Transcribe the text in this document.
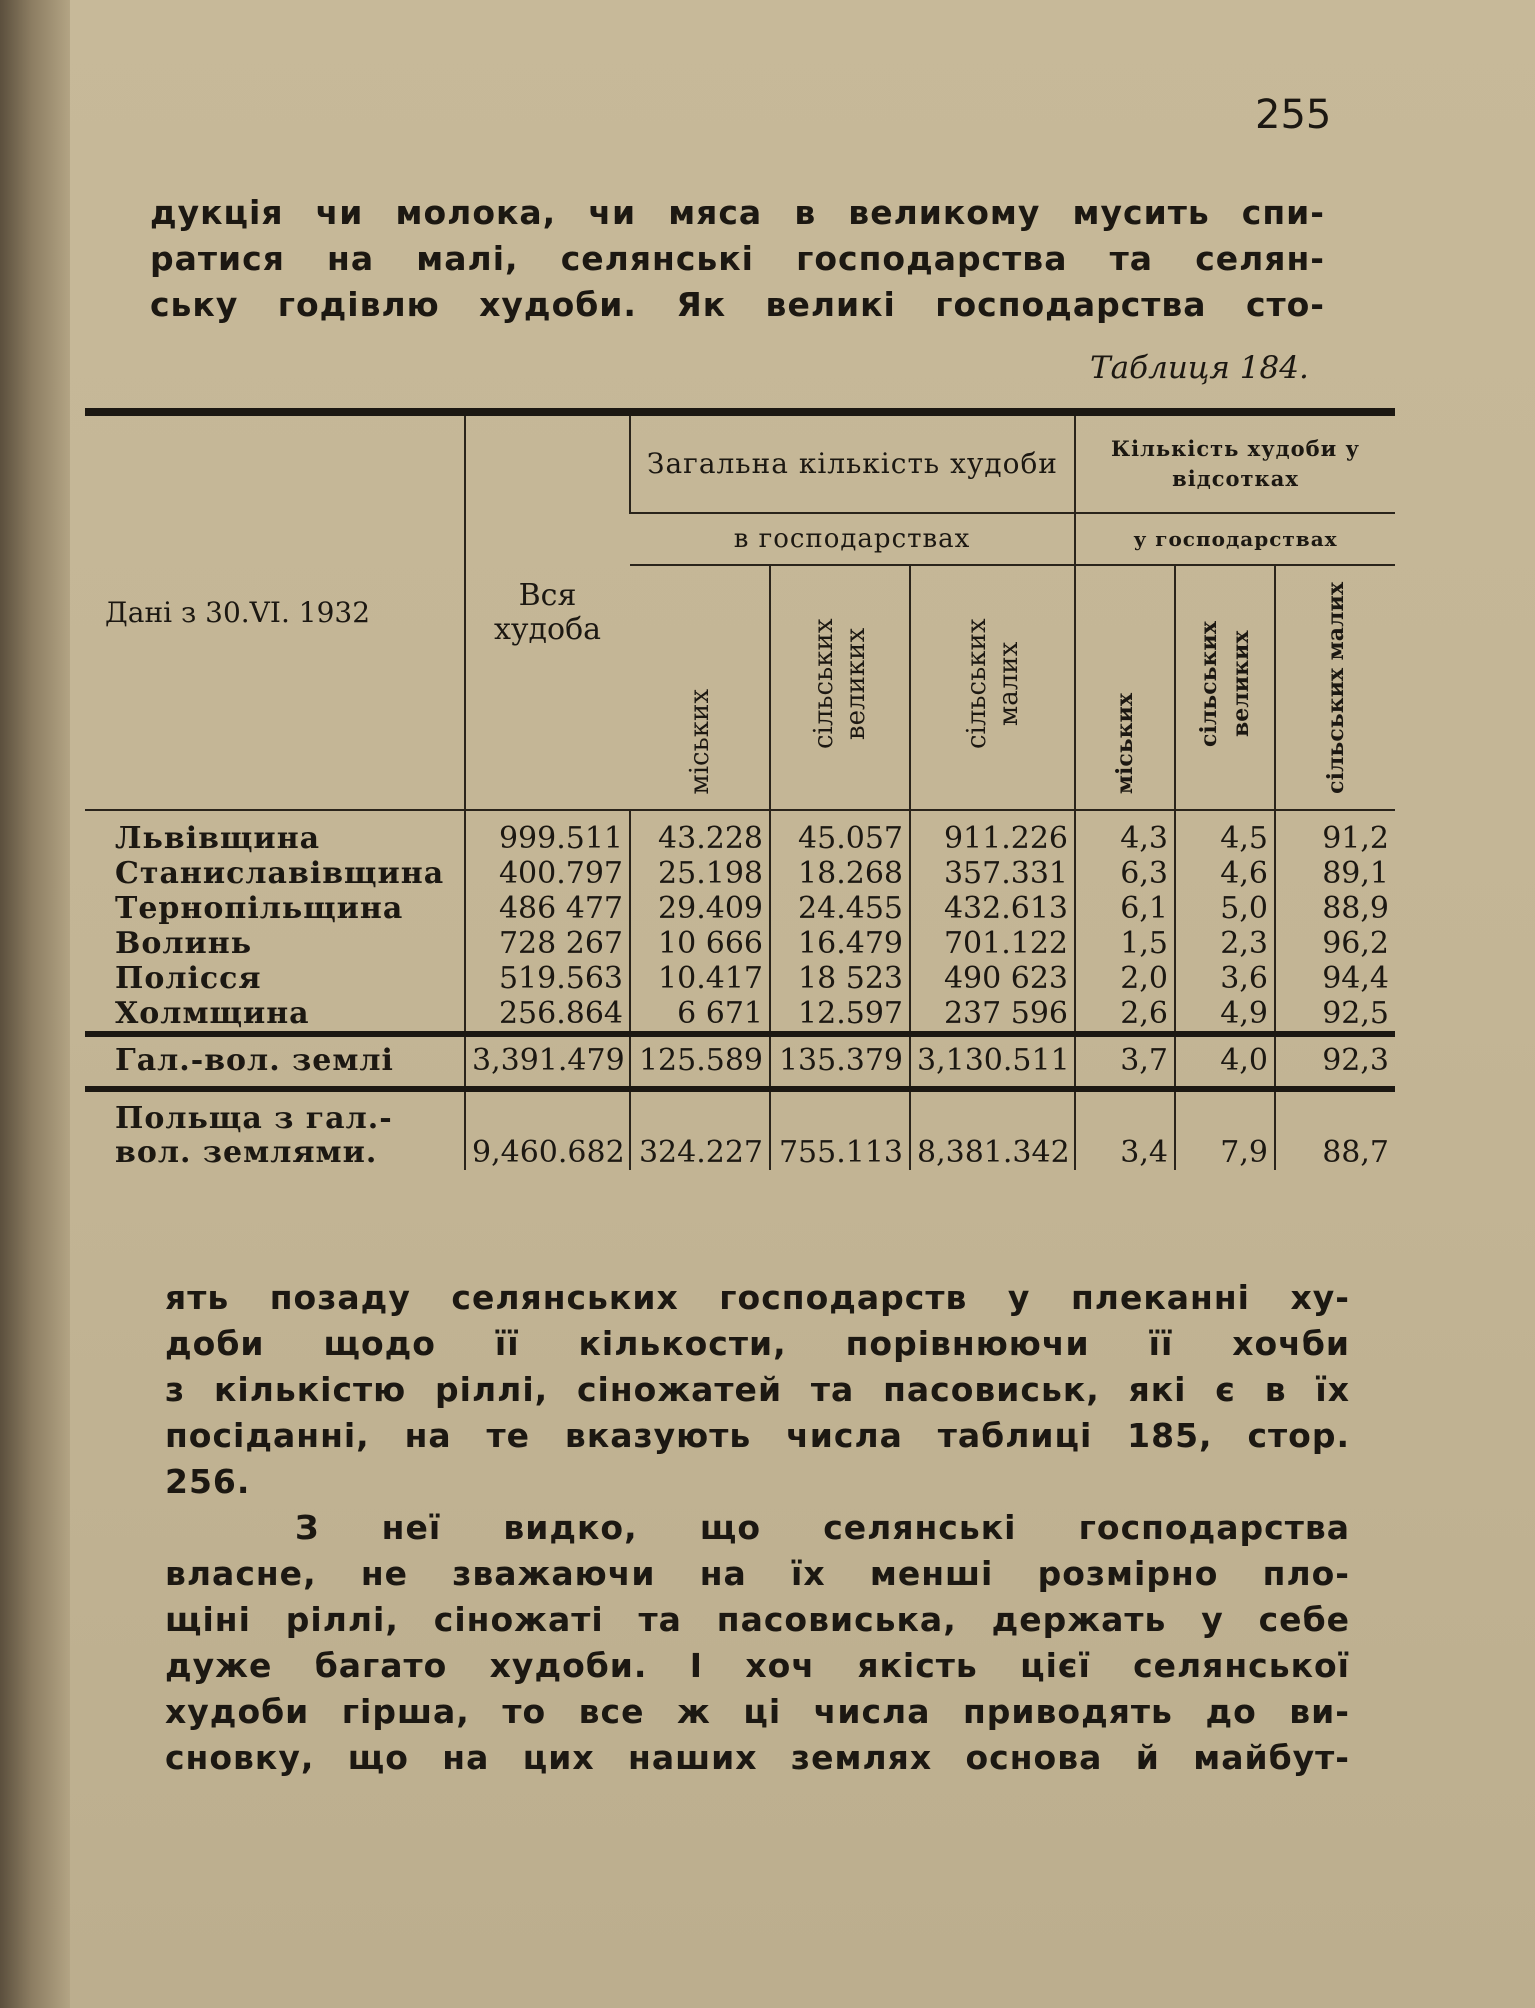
255

дукція чи молока, чи мяса в великому мусить спи-
ратися на малі, селянські господарства та селян-
ську годівлю худоби. Як великі господарства сто-

Таблиця 184.
Дані з 30.VI. 1932	Вся худоба	Загальна кількість худоби			Кількість худоби у відсотках		
		в господарствах			у господарствах		
		міських	сільських великих	сільських малих	міських	сільських великих	сільських малих
Львівщина	999.511	43.228	45.057	911.226	4,3	4,5	91,2
Станиславівщина	400.797	25.198	18.268	357.331	6,3	4,6	89,1
Тернопільщина	486 477	29.409	24.455	432.613	6,1	5,0	88,9
Волинь	728 267	10 666	16.479	701.122	1,5	2,3	96,2
Полісся	519.563	10.417	18 523	490 623	2,0	3,6	94,4
Холмщина	256.864	6 671	12.597	237 596	2,6	4,9	92,5
Гал.-вол. землі	3,391.479	125.589	135.379	3,130.511	3,7	4,0	92,3
Польща з гал.-
вол. землями.	9,460.682	324.227	755.113	8,381.342	3,4	7,9	88,7

ять позаду селянських господарств у плеканні ху-
доби щодо її кількости, порівнюючи її хочби
з кількістю ріллі, сіножатей та пасовиськ, які є в їх
посіданні, на те вказують числа таблиці 185, стор.
256.

З неї видко, що селянські господарства
власне, не зважаючи на їх менші розмірно пло-
щіні ріллі, сіножаті та пасовиська, держать у себе
дуже багато худоби. І хоч якість цієї селянської
худоби гірша, то все ж ці числа приводять до ви-
сновку, що на цих наших землях основа й майбут-
